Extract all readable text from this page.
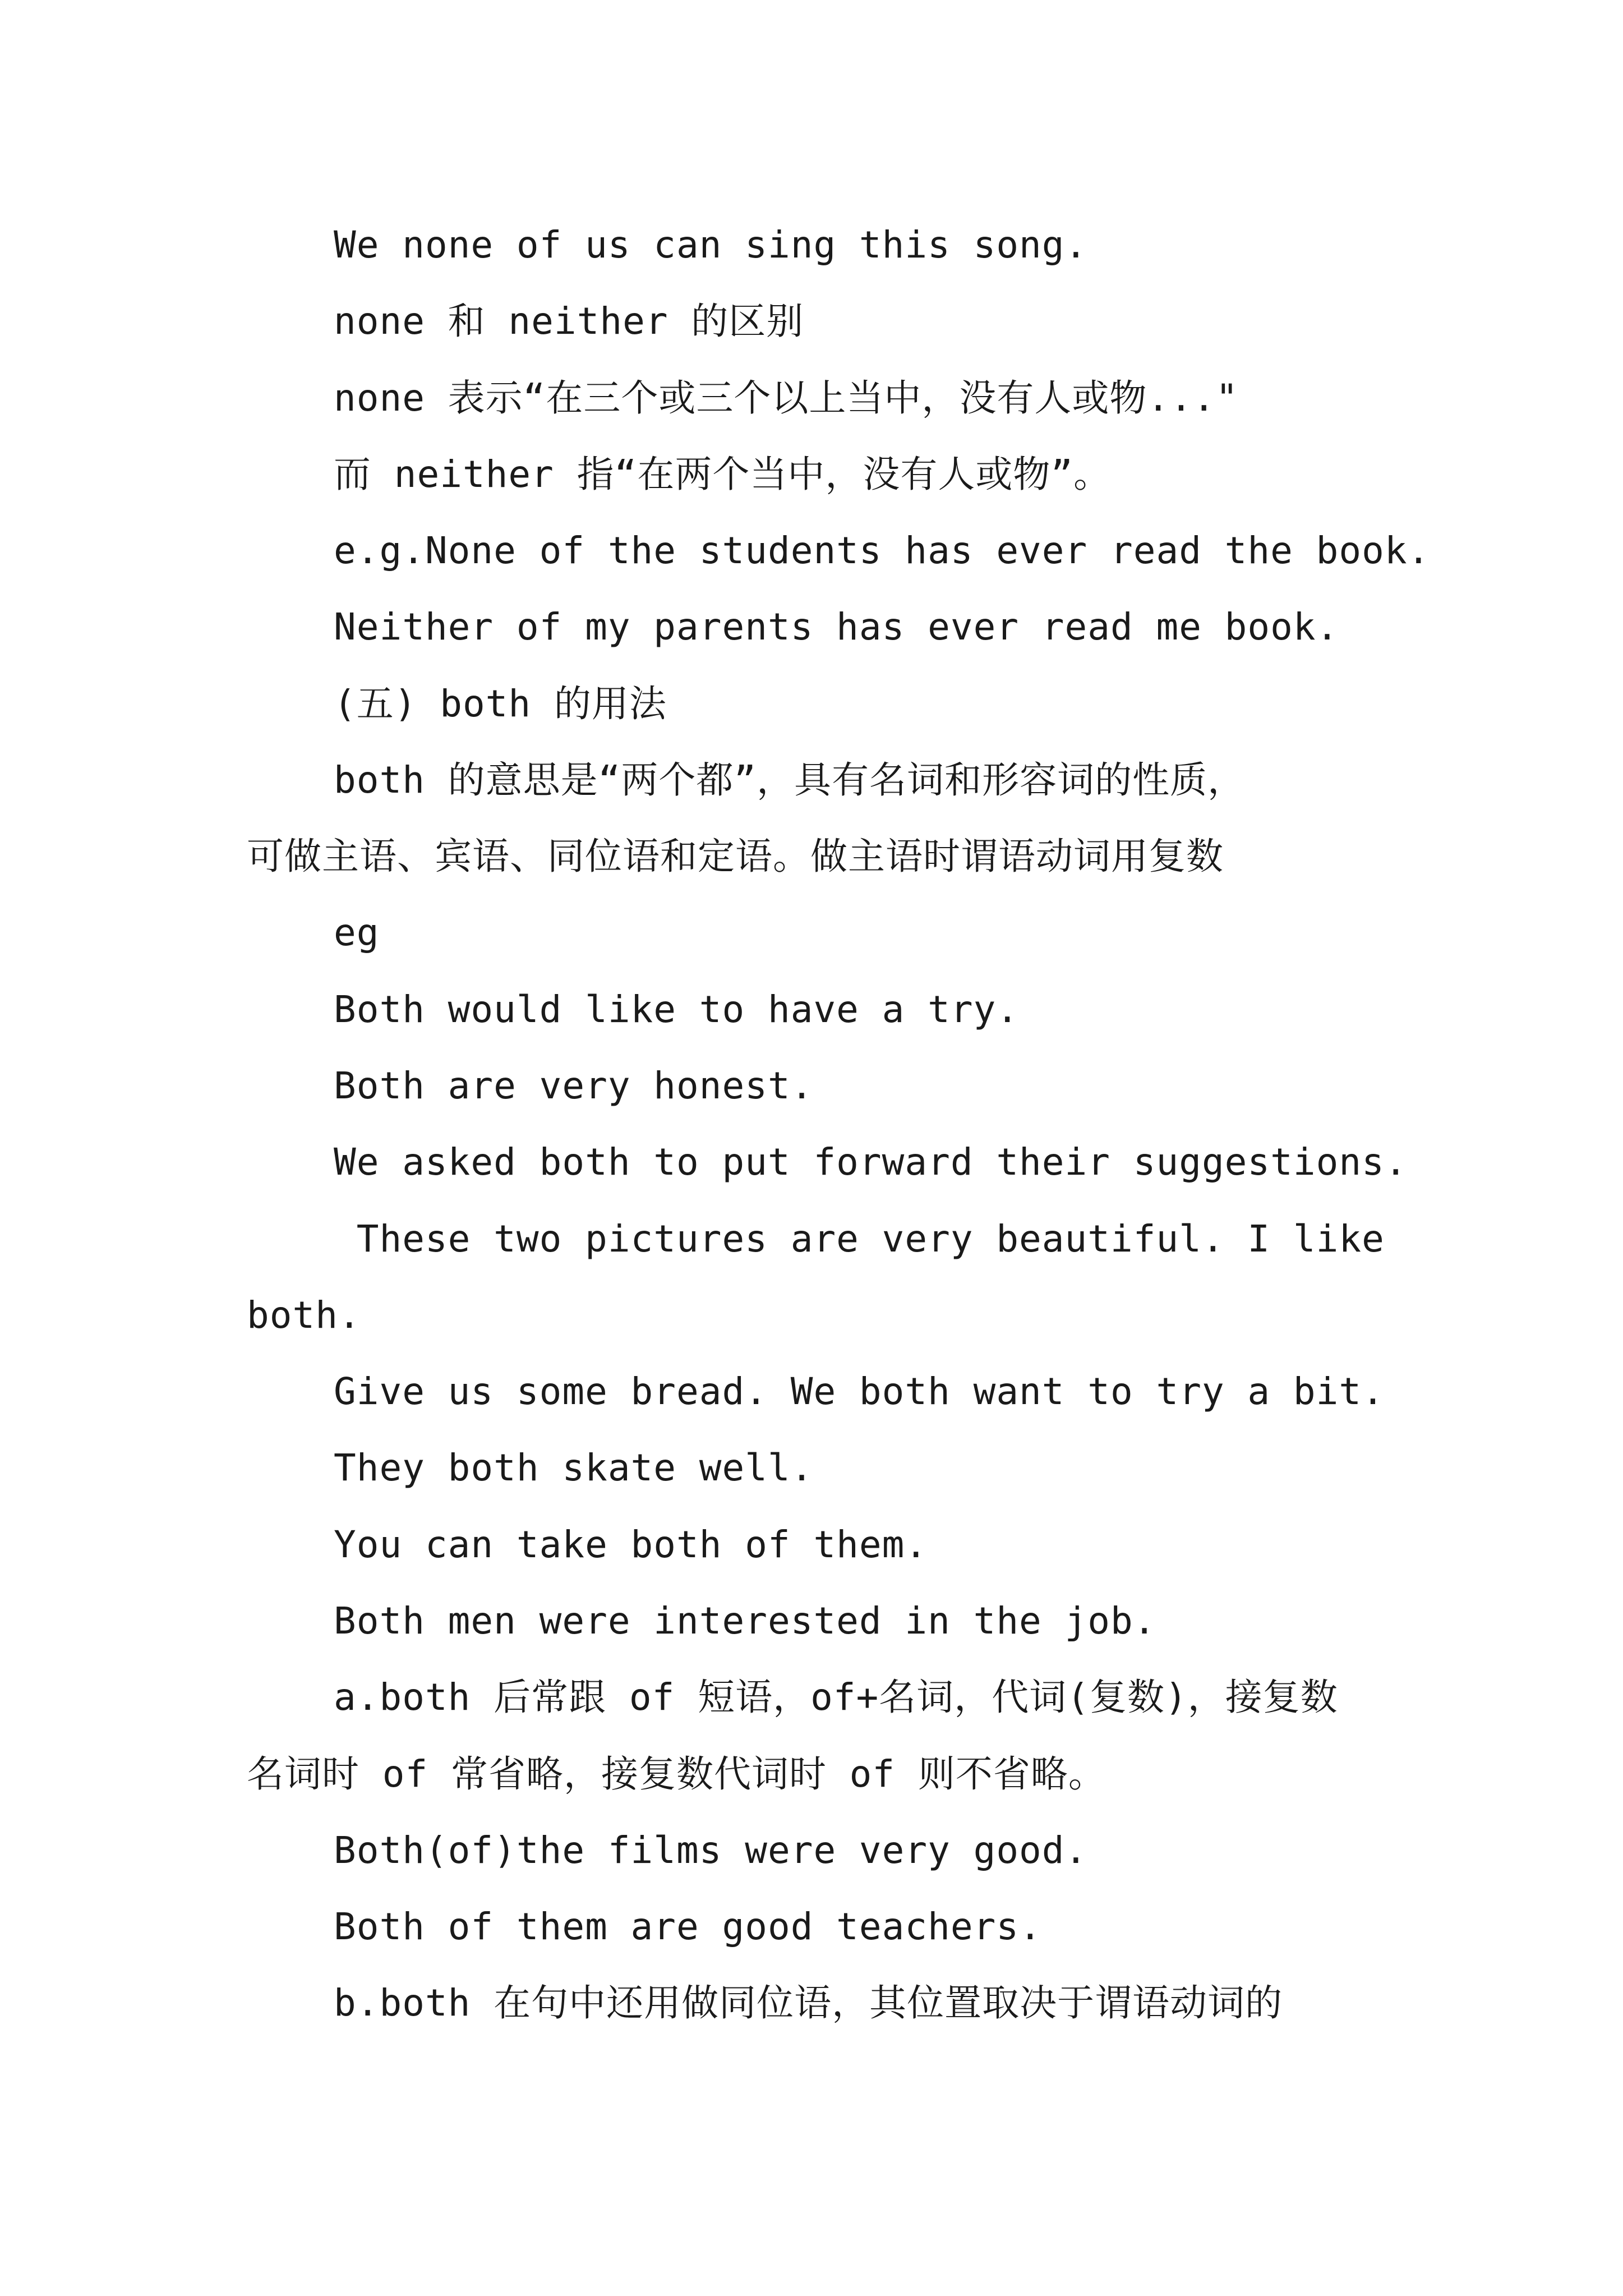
We none of us can sing this song.
none 和 neither 的区别
none 表示“在三个或三个以上当中，没有人或物..."
而 neither 指“在两个当中，没有人或物”。
e.g.None of the students has ever read the book.
Neither of my parents has ever read me book.
(五) both 的用法
both 的意思是“两个都”，具有名词和形容词的性质，
可做主语、宾语、同位语和定语。做主语时谓语动词用复数
eg
Both would like to have a try.
Both are very honest.
We asked both to put forward their suggestions.
These two pictures are very beautiful. I like
both.
Give us some bread. We both want to try a bit.
They both skate well.
You can take both of them.
Both men were interested in the job.
a.both 后常跟 of 短语，of+名词，代词(复数)，接复数
名词时 of 常省略，接复数代词时 of 则不省略。
Both(of)the films were very good.
Both of them are good teachers.
b.both 在句中还用做同位语，其位置取决于谓语动词的
